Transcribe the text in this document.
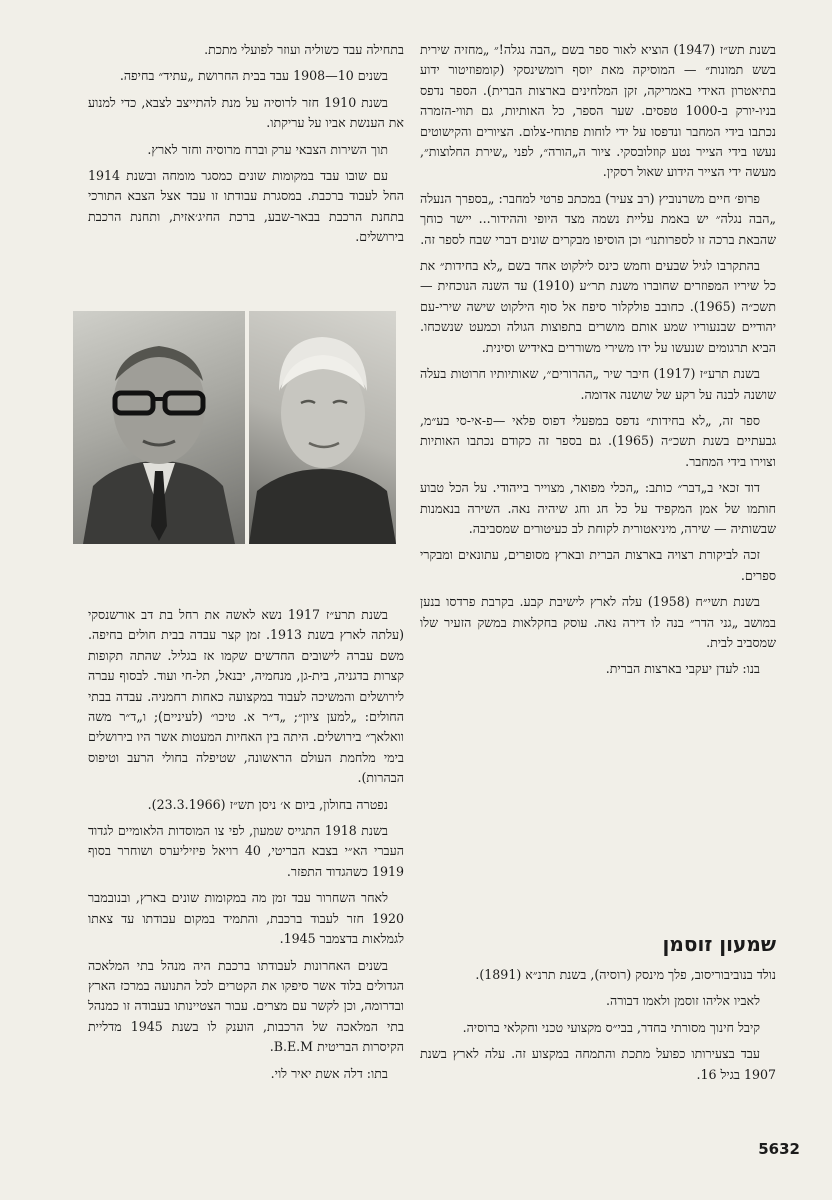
בשנת תש״ז (1947) הוציא לאור ספר בשם „הבה נגלה!״ „מחזיה שירית בשש תמונות״ — המוסיקה מאת יוסף רומשינסקי (קומפוזיטור ידוע בתיאטרון האידי באמריקה, זקן המלחינים בארצות הברית). הספר נדפס בניו-יורק ב-1000 טפסים. שער הספר, כל האותיות, גם תווי-הזמרה נכתבו בידי המחבר ונדפסו על ידי לוחות פתוחי-צלום. הציורים והקישוטים נעשו בידי הצייר נטע קוזלובסקי. ציור ה„הורה״, לפני „שירת החלוצות״, מעשה ידי הצייר הידוע שאול רסקין.

פרופ׳ חיים משרנוביץ (רב צעיר) במכתב פרטי למחבר: „בספרך הנעלה „הבה נגלה״ יש באמת עליית נשמה מצד היופי וההידור... יישר כוחך שהבאת ברכה זו לספרותנו״ וכן הוסיפו מבקרים שונים דברי שבח לספר זה.

בהתקרבו לגיל שבעים וחמש כינס לילקוט אחד בשם „לא בחידות״ את כל שיריו המפוזרים שחוברו משנת תר״ע (1910) עד השנה הנוכחית — תשכ״ה (1965). כחובב פולקלור סיפח אל סוף הילקוט שישה שירי-עם יהודיים שבנעוריו שמע אותם מושרים בתפוצות הגולה וכמעט שנשכחו. הביא תרגומים שנעשו על ידו משירי משוררים באידיש וסינית.

בשנת תרע״ז (1917) חיבר שיר „ההרורים״, שאותיותיו חרוטות בעלה שושנה לבנה על רקע של שושנה אדומה.

ספר זה, „לא בחידות״ נדפס במפעלי דפוס פלאי —פ-אי-סי בע״מ, גבעתיים בשנת תשכ״ה (1965). גם בספר זה כקודם נכתבו האותיות וצוירו בידי המחבר.

דוד זכאי ב„דבר״ כותב: „הכלי מפואר, מצוייר בייהודי. על הכל טבוע חותמו של אמן המקפיד על כל חג וחג שיהיה נאה. השירה בנאמנות שבשותיה — שירה, מיניאטורית לקוחת לב כעיטורים שמסביבה.

זכה לביקורת רצויה בארצות הברית ובארץ מסופרים, עתונאים ומבקרי ספרים.

בשנת תשי״ח (1958) עלה לארץ לישיבת קבע. בקרבת פרדסו בנען במושב „גני הדר״ בנה לו דירה נאה. עוסק בחקלאות במשק הזעיר שלו שמסביב לבית.

בנו: לעדן יעקבי בארצות הברית.

בתחילה עבד כשוליה ועוזר לפועלי מתכת.

בשנים 10—1908 עבד בבית החרושת „עתיד״ בחיפה.

בשנת 1910 חזר לרוסיה על מנת להתייצב לצבא, כדי למנוע את הענשת אביו על עריקתו.

תוך השירות הצבאי ערק וברח מרוסיה וחזר לארץ.

עם שובו עבד במקומות שונים כמסגר מומחה ובשנת 1914 החל לעבוד ברכבת. במסגרת עבודתו זו עבד אצל הצבא התורכי בתחנת הרכבת בבאר-שבע, ברכת החיג׳אזית, ותחנת הרכבת בירושלים.

בשנת תרע״ז 1917 נשא לאשה את רחל בת דב אורשנסקי (עלתה לארץ בשנת 1913. זמן קצר עבדה בבית חולים בחיפה. משם עברה לישובים החדשים שקמו אז בגליל. שהתה תקופות קצרות בדגניה, בית-גן, מנחמיה, יבנאל, תל-חי ועוד. לבסוף עברה לירושלים והמשיכה לעבוד במקצועה כאחות רחמניה. עבדה בבתי החולים: „למען ציון״; „ד״ר א. טיכו״ (לעיניים); ו„ד״ר משה וואלאך״ בירושלים. היתה בין האחיות המעטות אשר היו בירושלים בימי מלחמת העולם הראשונה, שטיפלה בחולי הרעב וטיפוס הבהרות).

נפטרה בחולון, ביום א׳ ניסן תש״ז (23.3.1966).

בשנת 1918 התגייס שמעון, לפי צו המוסדות הלאומיים לגדוד העברי הא״י בצבא הבריטי, 40 רויאל פיזיליערס ושוחרר בסוף 1919 כשהגדוד התפזר.

לאחר השחרור עבד זמן מה במקומות שונים בארץ, ובנובמבר 1920 חזר לעבוד ברכבת, והתמיד במקום עבודתו עד צאתו לגמלאות בדצמבר 1945.

בשנים האחרונות לעבודתו ברכבת היה מנהל בתי המלאכה הגדולים בלוד אשר סיפקו את הקטרים לכל התנועה במרכז הארץ ובדרומה, וכן לקשר עם מצרים. עבור הצטיינותו בעבודה זו כמנהל בתי המלאכה של הרכבות, הוענק לו בשנת 1945 מדליית הקיסרות הבריטית B.E.M.

בתו: דלה אשת יאיר לוי.

שמעון זוסמן

נולד בנוביבוריסוב, פלך מינסק (רוסיה), בשנת תרנ״א (1891).

לאביו אליהו זוסמן ולאמו דבורה.

קיבל חינוך מסורתי בחדר, בבי״ס מקצועי טכני וחקלאי ברוסיה.

עבד בצעירותו כפועל מתכת והתמחה במקצוע זה. עלה לארץ בשנת 1907 בגיל 16.

5632
